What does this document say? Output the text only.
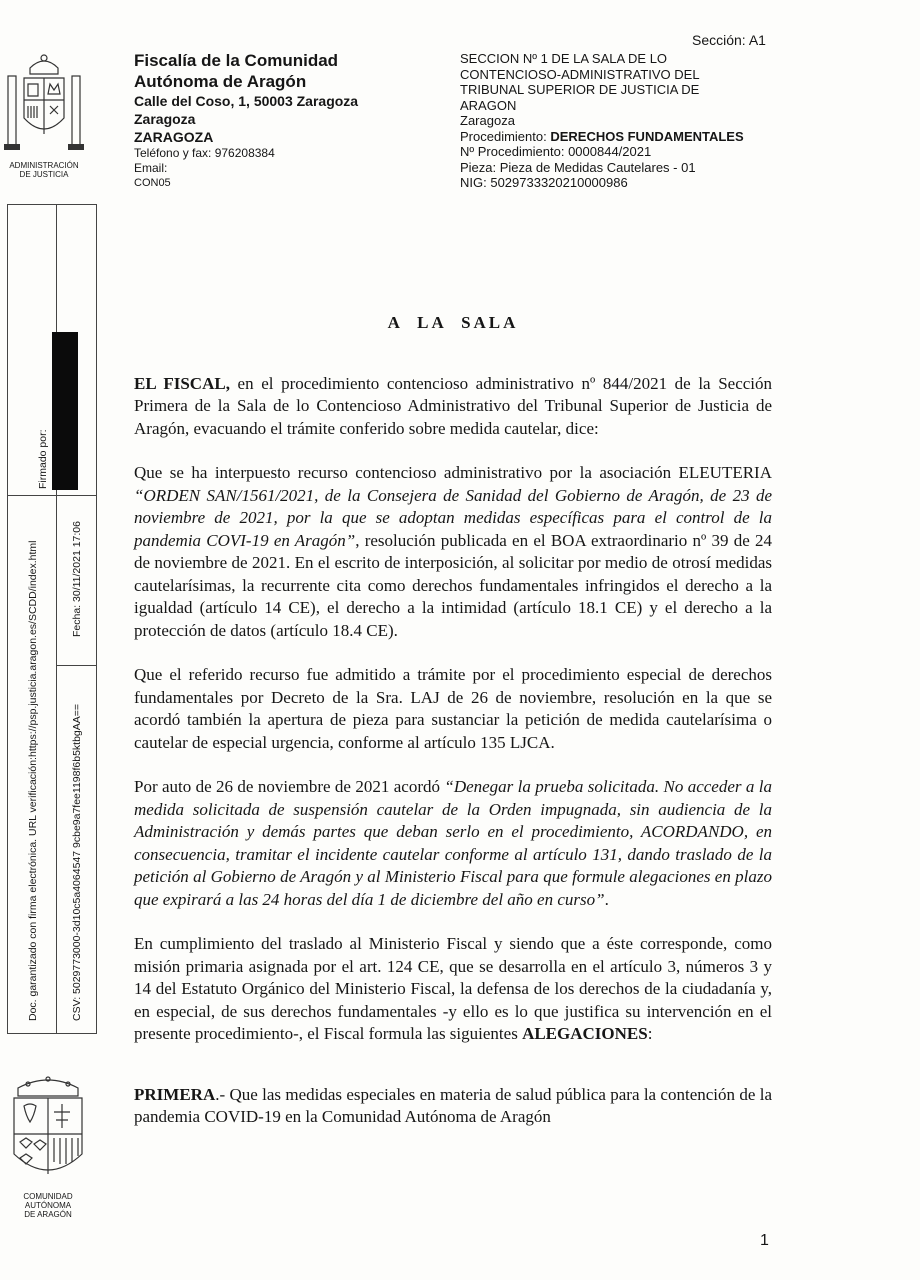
ADMINISTRACIÓN
DE JUSTICIA
Fiscalía de la Comunidad
Autónoma de Aragón
Calle del Coso, 1, 50003 Zaragoza
Zaragoza
ZARAGOZA
Teléfono y fax: 976208384
Email:
CON05
Sección: A1
SECCION Nº 1 DE LA SALA DE LO
CONTENCIOSO-ADMINISTRATIVO DEL
TRIBUNAL SUPERIOR DE JUSTICIA DE
ARAGON
Zaragoza
Procedimiento: DERECHOS FUNDAMENTALES
Nº Procedimiento: 0000844/2021
Pieza: Pieza de Medidas Cautelares - 01
NIG: 5029733320210000986
Firmado por:
Doc. garantizado con firma electrónica. URL verificación:https://psp.justicia.aragon.es/SCDD/index.html	Fecha: 30/11/2021 17:06
CSV: 5029773000-3d10c5a4064547 9cbe9a7fee1198f6b5ktbgAA==
COMUNIDAD AUTÓNOMA
DE ARAGÓN
A LA SALA

EL FISCAL, en el procedimiento contencioso administrativo nº 844/2021 de la Sección Primera de la Sala de lo Contencioso Administrativo del Tribunal Superior de Justicia de Aragón, evacuando el trámite conferido sobre medida cautelar, dice:

Que se ha interpuesto recurso contencioso administrativo por la asociación ELEUTERIA “ORDEN SAN/1561/2021, de la Consejera de Sanidad del Gobierno de Aragón, de 23 de noviembre de 2021, por la que se adoptan medidas específicas para el control de la pandemia COVI-19 en Aragón”, resolución publicada en el BOA extraordinario nº 39 de 24 de noviembre de 2021. En el escrito de interposición, al solicitar por medio de otrosí medidas cautelarísimas, la recurrente cita como derechos fundamentales infringidos el derecho a la igualdad (artículo 14 CE), el derecho a la intimidad (artículo 18.1 CE) y el derecho a la protección de datos (artículo 18.4 CE).

Que el referido recurso fue admitido a trámite por el procedimiento especial de derechos fundamentales por Decreto de la Sra. LAJ de 26 de noviembre, resolución en la que se acordó también la apertura de pieza para sustanciar la petición de medida cautelarísima o cautelar de especial urgencia, conforme al artículo 135 LJCA.

Por auto de 26 de noviembre de 2021 acordó “Denegar la prueba solicitada. No acceder a la medida solicitada de suspensión cautelar de la Orden impugnada, sin audiencia de la Administración y demás partes que deban serlo en el procedimiento, ACORDANDO, en consecuencia, tramitar el incidente cautelar conforme al artículo 131, dando traslado de la petición al Gobierno de Aragón y al Ministerio Fiscal para que formule alegaciones en plazo que expirará a las 24 horas del día 1 de diciembre del año en curso”.

En cumplimiento del traslado al Ministerio Fiscal y siendo que a éste corresponde, como misión primaria asignada por el art. 124 CE, que se desarrolla en el artículo 3, números 3 y 14 del Estatuto Orgánico del Ministerio Fiscal, la defensa de los derechos de la ciudadanía y, en especial, de sus derechos fundamentales -y ello es lo que justifica su intervención en el presente procedimiento-, el Fiscal formula las siguientes ALEGACIONES:

PRIMERA.- Que las medidas especiales en materia de salud pública para la contención de la pandemia COVID-19 en la Comunidad Autónoma de Aragón

1
